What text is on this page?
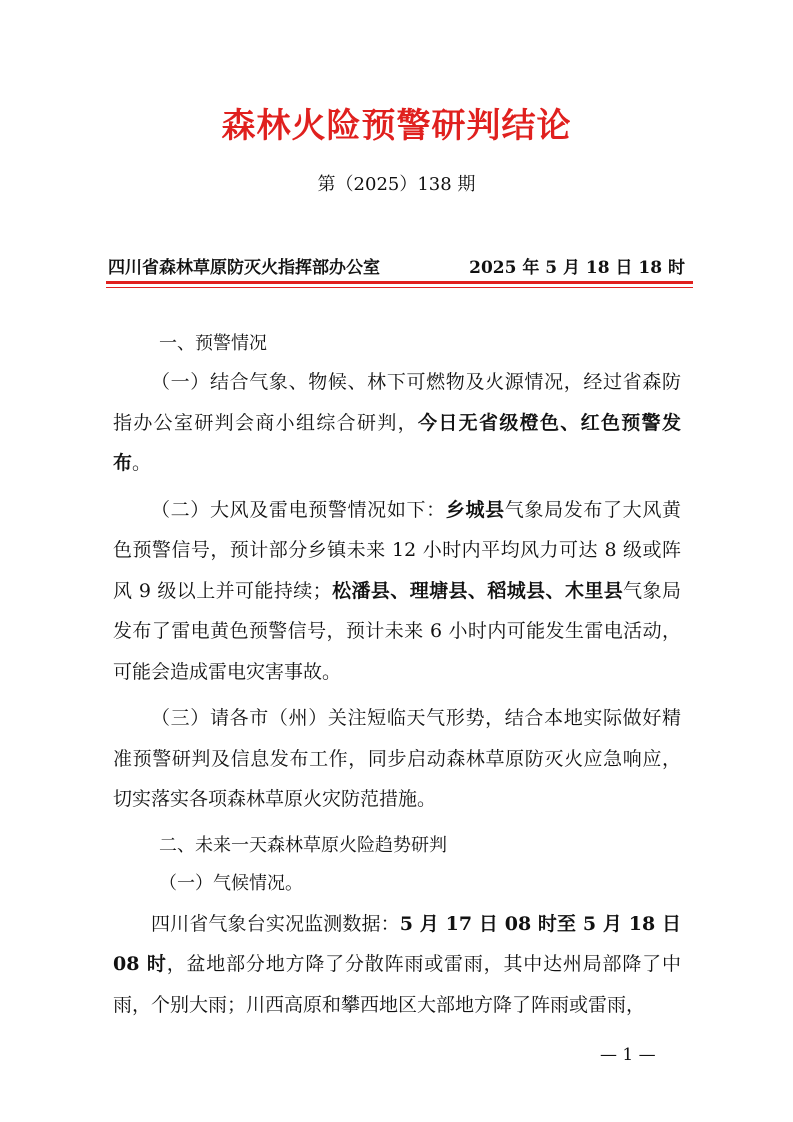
森林火险预警研判结论
第（2025）138 期
四川省森林草原防灭火指挥部办公室	2025 年 5 月 18 日 18 时
一、预警情况

（一）结合气象、物候、林下可燃物及火源情况，经过省森防指办公室研判会商小组综合研判，今日无省级橙色、红色预警发布。

（二）大风及雷电预警情况如下：乡城县气象局发布了大风黄色预警信号，预计部分乡镇未来 12 小时内平均风力可达 8 级或阵风 9 级以上并可能持续；松潘县、理塘县、稻城县、木里县气象局发布了雷电黄色预警信号，预计未来 6 小时内可能发生雷电活动，可能会造成雷电灾害事故。

（三）请各市（州）关注短临天气形势，结合本地实际做好精准预警研判及信息发布工作，同步启动森林草原防灭火应急响应，切实落实各项森林草原火灾防范措施。

二、未来一天森林草原火险趋势研判
（一）气候情况。

四川省气象台实况监测数据：5 月 17 日 08 时至 5 月 18 日 08 时，盆地部分地方降了分散阵雨或雷雨，其中达州局部降了中雨，个别大雨；川西高原和攀西地区大部地方降了阵雨或雷雨，

— 1 —
